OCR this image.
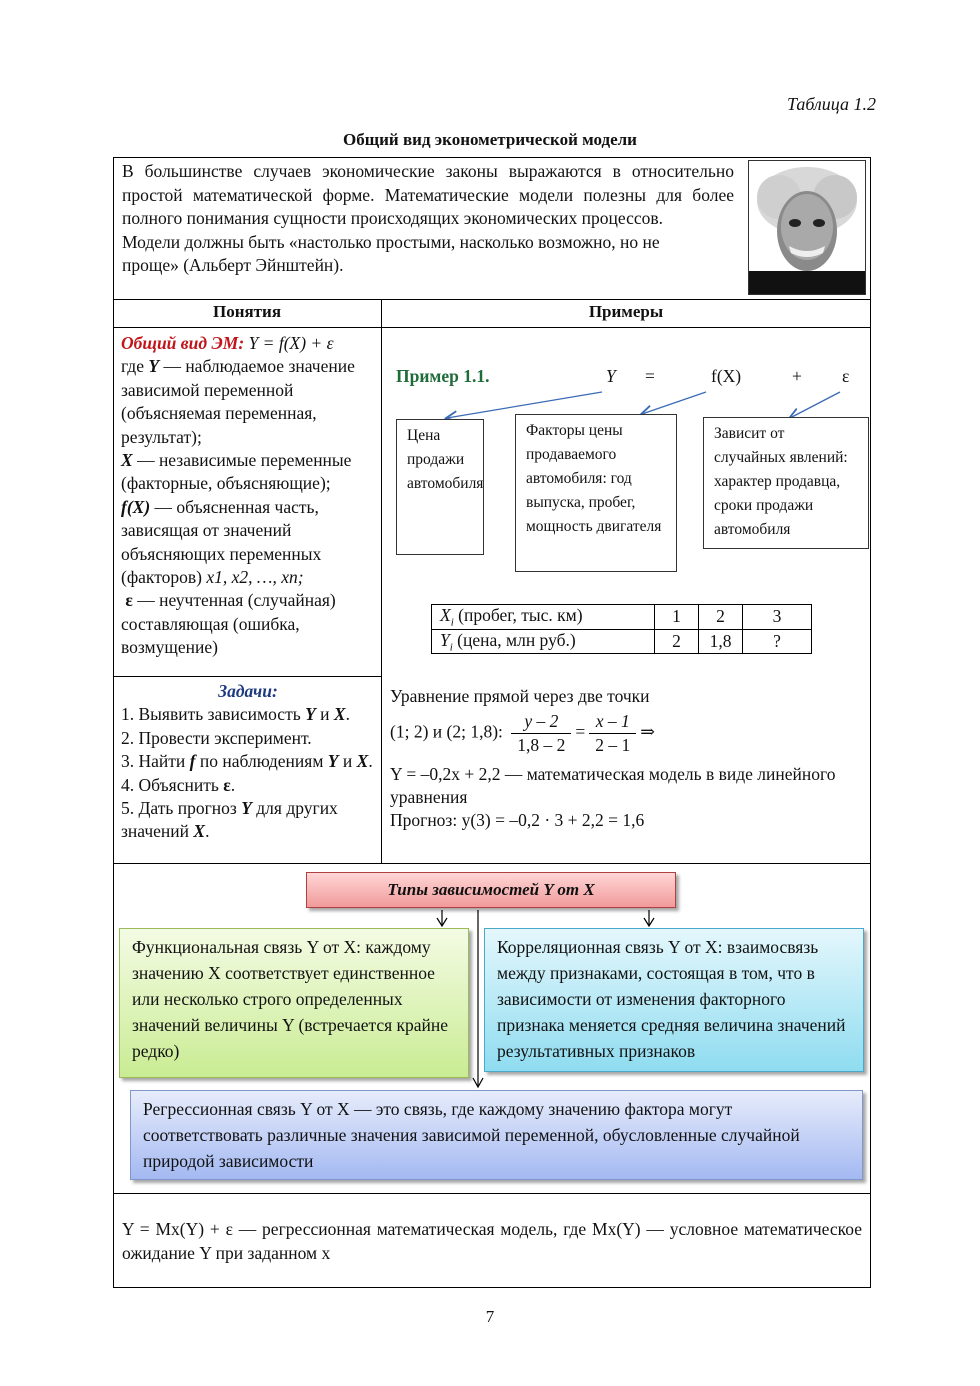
Таблица 1.2
Общий вид эконометрической модели
В большинстве случаев экономические законы выражаются в относительно простой математической форме. Математические модели полезны для более полного понимания сущности происходящих экономических процессов.
Модели должны быть «настолько простыми, насколько возможно, но не проще» (Альберт Эйнштейн).
Понятия	Примеры
Общий вид ЭМ: Y = f(X) + ε
где Y — наблюдаемое значение зависимой переменной (объясняемая переменная, результат);
X — независимые переменные (факторные, объясняющие);
f(X) — объясненная часть, зависящая от значений объясняющих переменных (факторов) x1, x2, …, xn;
ε — неучтенная (случайная) составляющая (ошибка, возмущение)
Задачи:
1. Выявить зависимость Y и X.
2. Провести эксперимент.
3. Найти f по наблюдениям Y и X.
4. Объяснить ε.
5. Дать прогноз Y для других значений X.
Пример 1.1.	Y =	f(X)	+ ε
Цена продажи автомобиля
Факторы цены продаваемого автомобиля: год выпуска, пробег, мощность двигателя
Зависит от случайных явлений: характер продавца, сроки продажи автомобиля
$X_i$ (пробег, тыс. км)	1	2	3
$Y_i$ (цена, млн руб.)	2	1,8	?
Уравнение прямой через две точки
(1; 2) и (2; 1,8): $\frac{y - 2}{1,8 - 2} = \frac{x - 1}{2 - 1}$ ⇒
Y = –0,2x + 2,2 — математическая модель в виде линейного уравнения
Прогноз: y(3) = –0,2 · 3 + 2,2 = 1,6
Типы зависимостей Y от X
Функциональная связь Y от X: каждому значению X соответствует единственное или несколько строго определенных значений величины Y (встречается крайне редко)
Корреляционная связь Y от X: взаимосвязь между признаками, состоящая в том, что в зависимости от изменения факторного признака меняется средняя величина значений результативных признаков
Регрессионная связь Y от X — это связь, где каждому значению фактора могут соответствовать различные значения зависимой переменной, обусловленные случайной природой зависимости
Y = Mx(Y) + ε — регрессионная математическая модель, где Mx(Y) — условное математическое ожидание Y при заданном x
7
